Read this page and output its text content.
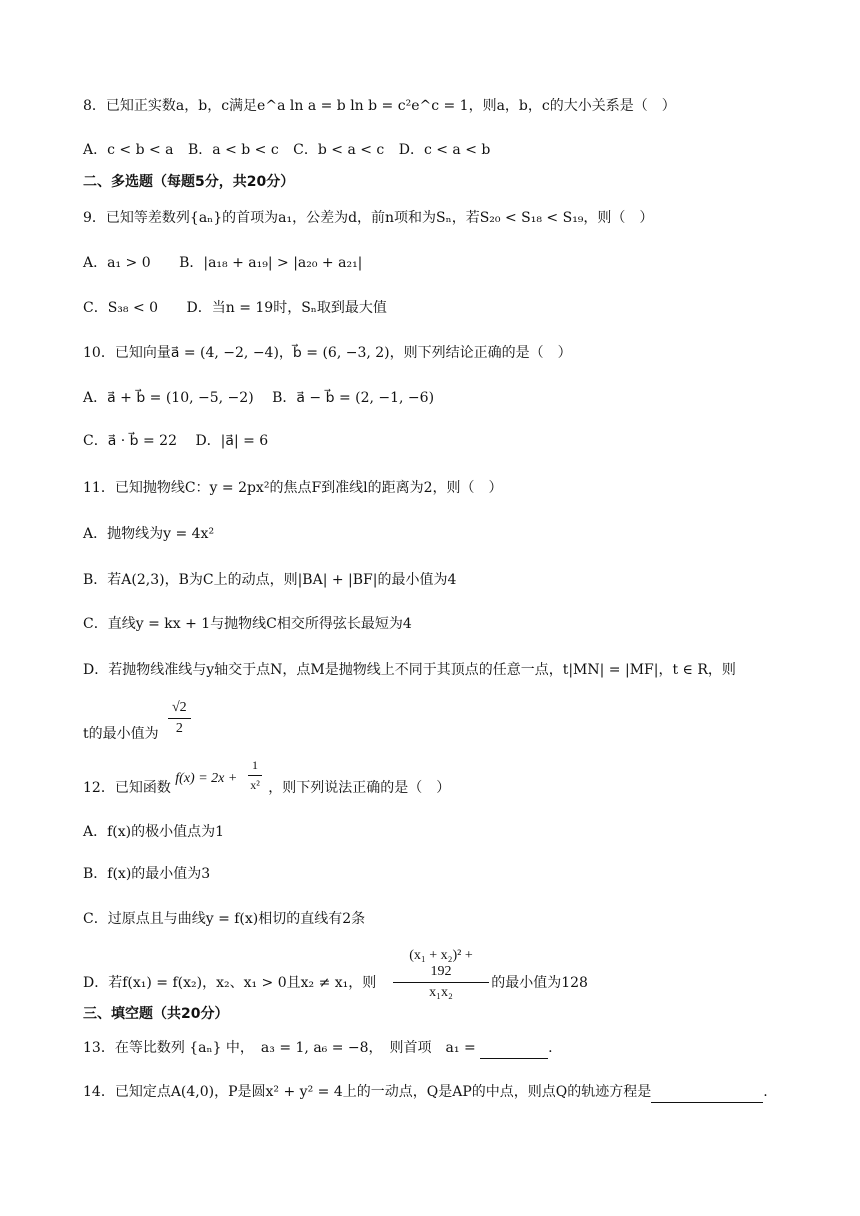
8．已知正实数a，b，c满足e^a ln a = b ln b = c²e^c = 1，则a，b，c的大小关系是（　）
A．c < b < a B．a < b < c C．b < a < c D．c < a < b
二、多选题（每题5分，共20分）
9．已知等差数列{aₙ}的首项为a₁，公差为d，前n项和为Sₙ，若S₂₀ < S₁₈ < S₁₉，则（　）
A．a₁ > 0 B．|a₁₈ + a₁₉| > |a₂₀ + a₂₁|
C．S₃₈ < 0 D．当n = 19时，Sₙ取到最大值
10．已知向量a⃗ = (4, −2, −4)，b⃗ = (6, −3, 2)，则下列结论正确的是（　）
A．a⃗ + b⃗ = (10, −5, −2) B．a⃗ − b⃗ = (2, −1, −6)
C．a⃗ · b⃗ = 22 D．|a⃗| = 6
11．已知抛物线C：y = 2px²的焦点F到准线l的距离为2，则（　）
A．抛物线为y = 4x²
B．若A(2,3)，B为C上的动点，则|BA| + |BF|的最小值为4
C．直线y = kx + 1与抛物线C相交所得弦长最短为4
D．若抛物线准线与y轴交于点N，点M是抛物线上不同于其顶点的任意一点，t|MN| = |MF|，t ∈ R，则
t的最小值为 $\frac{√2}{2}$
12．已知函数 f(x) = 2x +  ，则下列说法正确的是（　）
$\frac{1}{\text{x²}}$
A．f(x)的极小值点为1
B．f(x)的最小值为3
C．过原点且与曲线y = f(x)相切的直线有2条
D．若f(x₁) = f(x₂)，x₂、x₁ > 0且x₂ ≠ x₁，则	的最小值为128
$\frac{\text{(x₁ + x₂)² + 192}}{\text{x₁x₂}}$
三、填空题（共20分）
13．在等比数列 {aₙ} 中，　a₃ = 1, a₆ = −8，　则首项　a₁ =	.
14．已知定点A(4,0)，P是圆x² + y² = 4上的一动点，Q是AP的中点，则点Q的轨迹方程是	.
